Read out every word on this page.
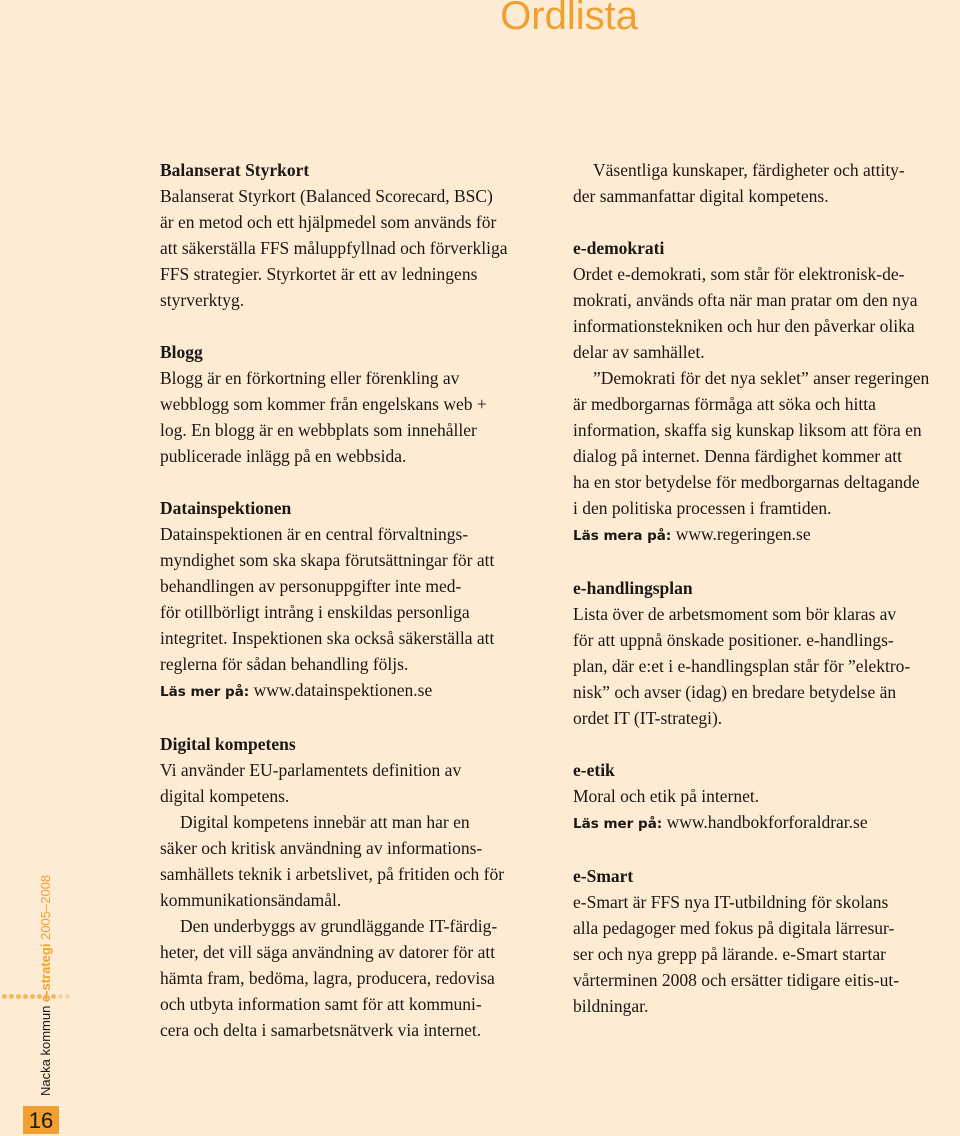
Ordlista
Balanserat Styrkort

Balanserat Styrkort (Balanced Scorecard, BSC)
är en metod och ett hjälpmedel som används för
att säkerställa FFS måluppfyllnad och förverkliga
FFS strategier. Styrkortet är ett av ledningens
styrverktyg.

Blogg

Blogg är en förkortning eller förenkling av
webblogg som kommer från engelskans web +
log. En blogg är en webbplats som innehåller
publicerade inlägg på en webbsida.

Datainspektionen

Datainspektionen är en central förvaltnings-
myndighet som ska skapa förutsättningar för att
behandlingen av personuppgifter inte med-
för otillbörligt intrång i enskildas personliga
integritet. Inspektionen ska också säkerställa att
reglerna för sådan behandling följs.

Läs mer på: www.datainspektionen.se

Digital kompetens

Vi använder EU-parlamentets definition av
digital kompetens.

Digital kompetens innebär att man har en
säker och kritisk användning av informations-
samhällets teknik i arbetslivet, på fritiden och för
kommunikationsändamål.

Den underbyggs av grundläggande IT-färdig-
heter, det vill säga användning av datorer för att
hämta fram, bedöma, lagra, producera, redovisa
och utbyta information samt för att kommuni-
cera och delta i samarbetsnätverk via internet.

Väsentliga kunskaper, färdigheter och attity-
der sammanfattar digital kompetens.

e-demokrati

Ordet e-demokrati, som står för elektronisk-de-
mokrati, används ofta när man pratar om den nya
informationstekniken och hur den påverkar olika
delar av samhället.

”Demokrati för det nya seklet” anser regeringen
är medborgarnas förmåga att söka och hitta
information, skaffa sig kunskap liksom att föra en
dialog på internet. Denna färdighet kommer att
ha en stor betydelse för medborgarnas deltagande
i den politiska processen i framtiden.

Läs mera på: www.regeringen.se

e-handlingsplan

Lista över de arbetsmoment som bör klaras av
för att uppnå önskade positioner. e-handlings-
plan, där e:et i e-handlingsplan står för ”elektro-
nisk” och avser (idag) en bredare betydelse än
ordet IT (IT-strategi).

e-etik

Moral och etik på internet.

Läs mer på: www.handbokforforaldrar.se

e-Smart

e-Smart är FFS nya IT-utbildning för skolans
alla pedagoger med fokus på digitala lärresur-
ser och nya grepp på lärande. e-Smart startar
vårterminen 2008 och ersätter tidigare eitis-ut-
bildningar.

Nacka kommun e-strategi 2005–2008
16
